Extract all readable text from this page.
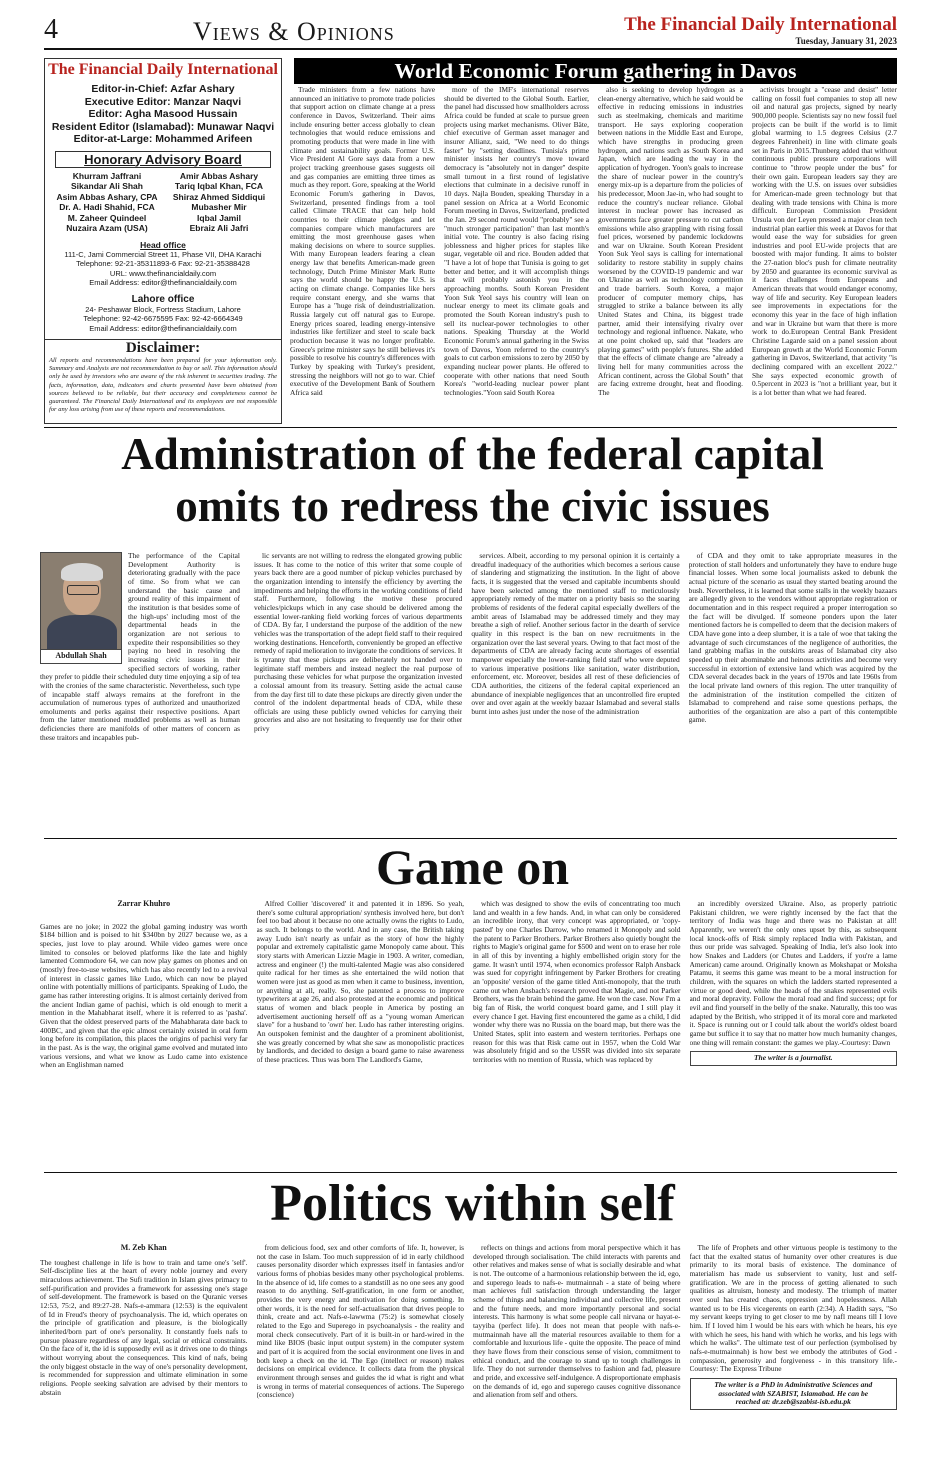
4	Views & Opinions	The Financial Daily International
Tuesday, January 31, 2023
The Financial Daily International
Editor-in-Chief: Azfar Ashary
Executive Editor: Manzar Naqvi
Editor: Agha Masood Hussain
Resident Editor (Islamabad): Munawar Naqvi
Editor-at-Large: Mohammed Arifeen
Honorary Advisory Board
Khurram Jaffrani
Sikandar Ali Shah
Asim Abbas Ashary, CPA
Dr. A. Hadi Shahid, FCA
M. Zaheer Quindeel
Nuzaira Azam (USA)
Amir Abbas Ashary
Tariq Iqbal Khan, FCA
Shiraz Ahmed Siddiqui
Mubasher Mir
Iqbal Jamil
Ebraiz Ali Jafri
Head office
111-C, Jami Commercial Street 11, Phase VII, DHA Karachi
Telephone: 92-21-35311893-6 Fax: 92-21-35388428
URL: www.thefinancialdaily.com
Email Address: editor@thefinancialdaily.com
Lahore office
24- Peshawar Block, Fortress Stadium, Lahore
Telephone: 92-42-6675595 Fax: 92-42-6664349
Email Address: editor@thefinancialdaily.com
Disclaimer:
All reports and recommendations have been prepared for your information only. Summary and Analysis are not recommendation to buy or sell. This information should only be used by investors who are aware of the risk inherent in securities trading. The facts, information, data, indicators and charts presented have been obtained from sources believed to be reliable, but their accuracy and completeness cannot be guaranteed. The Financial Daily International and its employees are not responsible for any loss arising from use of these reports and recommendations.
World Economic Forum gathering in Davos

Trade ministers from a few nations have announced an initiative to promote trade policies that support action on climate change at a press conference in Davos, Switzerland. Their aims include ensuring better access globally to clean technologies that would reduce emissions and promoting products that were made in line with climate and sustainability goals. Former U.S. Vice President Al Gore says data from a new project tracking greenhouse gases suggests oil and gas companies are emitting three times as much as they report. Gore, speaking at the World Economic Forum's gathering in Davos, Switzerland, presented findings from a tool called Climate TRACE that can help hold countries to their climate pledges and let companies compare which manufacturers are emitting the most greenhouse gases when making decisions on where to source supplies. With many European leaders fearing a clean energy law that benefits American-made green technology, Dutch Prime Minister Mark Rutte says the world should be happy the U.S. is acting on climate change. Companies like hers require constant energy, and she warns that Europe has a "huge risk of deindustrialization. Russia largely cut off natural gas to Europe. Energy prices soared, leading energy-intensive industries like fertilizer and steel to scale back production because it was no longer profitable. Greece's prime minister says he still believes it's possible to resolve his country's differences with Turkey by speaking with Turkey's president, stressing the neighbors will not go to war. Chief executive of the Development Bank of Southern Africa said

more of the IMF's international reserves should be diverted to the Global South. Earlier, the panel had discussed how smallholders across Africa could be funded at scale to pursue green projects using market mechanisms. Oliver Bäte, chief executive of German asset manager and insurer Allianz, said, "We need to do things faster" by "setting deadlines. Tunisia's prime minister insists her country's move toward democracy is "absolutely not in danger" despite small turnout in a first round of legislative elections that culminate in a decisive runoff in 10 days. Najla Bouden, speaking Thursday in a panel session on Africa at a World Economic Forum meeting in Davos, Switzerland, predicted the Jan. 29 second round would "probably" see a "much stronger participation" than last month's initial vote. The country is also facing rising joblessness and higher prices for staples like sugar, vegetable oil and rice. Bouden added that "I have a lot of hope that Tunisia is going to get better and better, and it will accomplish things that will probably astonish you in the approaching months. South Korean President Yoon Suk Yeol says his country will lean on nuclear energy to meet its climate goals and promoted the South Korean industry's push to sell its nuclear-power technologies to other nations. Speaking Thursday at the World Economic Forum's annual gathering in the Swiss town of Davos, Yoon referred to the country's goals to cut carbon emissions to zero by 2050 by expanding nuclear power plants. He offered to cooperate with other nations that need South Korea's "world-leading nuclear power plant technologies."Yoon said South Korea

also is seeking to develop hydrogen as a clean-energy alternative, which he said would be effective in reducing emissions in industries such as steelmaking, chemicals and maritime transport. He says exploring cooperation between nations in the Middle East and Europe, which have strengths in producing green hydrogen, and nations such as South Korea and Japan, which are leading the way in the application of hydrogen. Yoon's goals to increase the share of nuclear power in the country's energy mix-up is a departure from the policies of his predecessor, Moon Jae-in, who had sought to reduce the country's nuclear reliance. Global interest in nuclear power has increased as governments face greater pressure to cut carbon emissions while also grappling with rising fossil fuel prices, worsened by pandemic lockdowns and war on Ukraine. South Korean President Yoon Suk Yeol says is calling for international solidarity to restore stability in supply chains worsened by the COVID-19 pandemic and war on Ukraine as well as technology competition and trade barriers. South Korea, a major producer of computer memory chips, has struggled to strike a balance between its ally United States and China, its biggest trade partner, amid their intensifying rivalry over technology and regional influence. Nakate, who at one point choked up, said that "leaders are playing games" with people's futures. She added that the effects of climate change are "already a living hell for many communities across the African continent, across the Global South" that are facing extreme drought, heat and flooding. The

activists brought a "cease and desist" letter calling on fossil fuel companies to stop all new oil and natural gas projects, signed by nearly 900,000 people. Scientists say no new fossil fuel projects can be built if the world is to limit global warming to 1.5 degrees Celsius (2.7 degrees Fahrenheit) in line with climate goals set in Paris in 2015.Thunberg added that without continuous public pressure corporations will continue to "throw people under the bus" for their own gain. European leaders say they are working with the U.S. on issues over subsidies for American-made green technology but that dealing with trade tensions with China is more difficult. European Commission President Ursula von der Leyen pressed a major clean tech industrial plan earlier this week at Davos for that would ease the way for subsidies for green industries and pool EU-wide projects that are boosted with major funding. It aims to bolster the 27-nation bloc's push for climate neutrality by 2050 and guarantee its economic survival as it faces challenges from Europeans and American threats that would endanger economy, way of life and security. Key European leaders see improvements in expectations for the economy this year in the face of high inflation and war in Ukraine but warn that there is more work to do.European Central Bank President Christine Lagarde said on a panel session about European growth at the World Economic Forum gathering in Davos, Switzerland, that activity "is declining compared with an excellent 2022." She says expected economic growth of 0.5percent in 2023 is "not a brilliant year, but it is a lot better than what we had feared.

Administration of the federal capital
omits to redress the civic issues
Abdullah Shah
The performance of the Capital Development Authority is deteriorating gradually with the pace of time. So from what we can understand the basic cause and ground reality of this impairment of the institution is that besides some of the high-ups' including most of the departmental heads in the organization are not serious to expedite their responsibilities so they paying no heed in resolving the increasing civic issues in their specified sectors of working, rather they prefer to piddle their scheduled duty time enjoying a sip of tea with the cronies of the same characteristic. Nevertheless, such type of incapable staff always remains at the forefront in the accumulation of numerous types of authorized and unauthorized emoluments and perks against their respective positions. Apart from the latter mentioned muddled problems as well as human deficiencies there are manifolds of other matters of concern as these traitors and incapables pub-

lic servants are not willing to redress the elongated growing public issues. It has come to the notice of this writer that some couple of years back there are a good number of pickup vehicles purchased by the organization intending to intensify the efficiency by averting the impediments and helping the efforts in the working conditions of field staff. Furthermore, following the motive these procured vehicles/pickups which in any case should be delivered among the essential lower-ranking field working forces of various departments of CDA. By far, I understand the purpose of the addition of the new vehicles was the transportation of the adept field staff to their required working destinations. Henceforth, conveniently be groped an effective remedy of rapid melioration to invigorate the conditions of services. It is tyranny that these pickups are deliberately not handed over to legitimate staff members and instead neglect the real purpose of purchasing these vehicles for what purpose the organization invested a colossal amount from its treasury. Setting aside the actual cause from the day first till to date these pickups are directly given under the control of the indolent departmental heads of CDA, while these officials are using these publicly owned vehicles for carrying their groceries and also are not hesitating to frequently use for their other privy

services. Albeit, according to my personal opinion it is certainly a dreadful inadequacy of the authorities which becomes a serious cause of slandering and stigmatizing the institution. In the light of above facts, it is suggested that the versed and capitable incumbents should have been selected among the mentioned staff to meticulously appropriately remedy of the matter on a priority basis so the soaring problems of residents of the federal capital especially dwellers of the ambit areas of Islamabad may be addressed timely and they may breathe a sigh of relief. Another serious factor in the dearth of service quality in this respect is the ban on new recruitments in the organization over the last several years. Owing to that fact most of the departments of CDA are already facing acute shortages of essential manpower especially the lower-ranking field staff who were deputed to various imperative positions like sanitation, water distribution, enforcement, etc. Moreover, besides all rest of these deficiencies of CDA authorities, the citizens of the federal capital experienced an abundance of inexpiable negligences that an uncontrolled fire erupted over and over again at the weekly bazaar Islamabad and several stalls burnt into ashes just under the nose of the administration

of CDA and they omit to take appropriate measures in the protection of stall holders and unfortunately they have to endure huge financial losses. When some local journalists asked to debunk the actual picture of the scenario as usual they started beating around the bush. Nevertheless, it is learned that some stalls in the weekly bazaars are allegedly given to the vendors without appropriate registration or documentation and in this respect required a proper interrogation so the fact will be divulged. If someone ponders upon the later mentioned factors he is compelled to deem that the decision makers of CDA have gone into a deep slumber, it is a tale of woe that taking the advantage of such circumstances of the negligence of authorities, the land grabbing mafias in the outskirts areas of Islamabad city also speeded up their abominable and heinous activities and become very successful in extortion of extensive land which was acquired by the CDA several decades back in the years of 1970s and late 1960s from the local private land owners of this region. The utter tranquility of the administration of the institution compelled the citizen of Islamabad to comprehend and raise some questions perhaps, the authorities of the organization are also a part of this contemptible game.

Game on
Zarrar Khuhro

Games are no joke; in 2022 the global gaming industry was worth $184 billion and is poised to hit $340bn by 2027 because we, as a species, just love to play around. While video games were once limited to consoles or beloved platforms like the late and highly lamented Commodore 64, we can now play games on phones and on (mostly) free-to-use websites, which has also recently led to a revival of interest in classic games like Ludo, which can now be played online with potentially millions of participants. Speaking of Ludo, the game has rather interesting origins. It is almost certainly derived from the ancient Indian game of pachisi, which is old enough to merit a mention in the Mahabharat itself, where it is referred to as 'pasha'. Given that the oldest preserved parts of the Mahabharata date back to 400BC, and given that the epic almost certainly existed in oral form long before its compilation, this places the origins of pachisi very far in the past. As is the way, the original game evolved and mutated into various versions, and what we know as Ludo came into existence when an Englishman named

Alfred Collier 'discovered' it and patented it in 1896. So yeah, there's some cultural appropriation/ synthesis involved here, but don't feel too bad about it because no one actually owns the rights to Ludo, as such. It belongs to the world. And in any case, the British taking away Ludo isn't nearly as unfair as the story of how the highly popular and extremely capitalistic game Monopoly came about. This story starts with American Lizzie Magie in 1903. A writer, comedian, actress and engineer (!) the multi-talented Magie was also considered quite radical for her times as she entertained the wild notion that women were just as good as men when it came to business, invention, or anything at all, really. So, she patented a process to improve typewriters at age 26, and also protested at the economic and political status of women and black people in America by posting an advertisement auctioning herself off as a "young woman American slave" for a husband to 'own' her. Ludo has rather interesting origins. An outspoken feminist and the daughter of a prominent abolitionist, she was greatly concerned by what she saw as monopolistic practices by landlords, and decided to design a board game to raise awareness of these practices. Thus was born The Landlord's Game,

which was designed to show the evils of concentrating too much land and wealth in a few hands. And, in what can only be considered an incredible irony, that very concept was appropriated, or 'copy-pasted' by one Charles Darrow, who renamed it Monopoly and sold the patent to Parker Brothers. Parker Brothers also quietly bought the rights to Magie's original game for $500 and went on to erase her role in all of this by inventing a highly embellished origin story for the game. It wasn't until 1974, when economics professor Ralph Ansback was sued for copyright infringement by Parker Brothers for creating an 'opposite' version of the game titled Anti-monopoly, that the truth came out when Ansbach's research proved that Magie, and not Parker Brothers, was the brain behind the game. He won the case. Now I'm a big fan of Risk, the world conquest board game, and I still play it every chance I get. Having first encountered the game as a child, I did wonder why there was no Russia on the board map, but there was the United States, split into eastern and western territories. Perhaps one reason for this was that Risk came out in 1957, when the Cold War was absolutely frigid and so the USSR was divided into six separate territories with no mention of Russia, which was replaced by

an incredibly oversized Ukraine. Also, as properly patriotic Pakistani children, we were rightly incensed by the fact that the territory of India was huge and there was no Pakistan at all! Apparently, we weren't the only ones upset by this, as subsequent local knock-offs of Risk simply replaced India with Pakistan, and thus our pride was salvaged. Speaking of India, let's also look into how Snakes and Ladders (or Chutes and Ladders, if you're a lame American) came around. Originally known as Mokshapat or Moksha Patamu, it seems this game was meant to be a moral instruction for children, with the squares on which the ladders started represented a virtue or good deed, while the heads of the snakes represented evils and moral depravity. Follow the moral road and find success; opt for evil and find yourself in the belly of the snake. Naturally, this too was adapted by the British, who stripped it of its moral core and marketed it. Space is running out or I could talk about the world's oldest board game but suffice it to say that no matter how much humanity changes, one thing will remain constant: the games we play.-Courtesy: Dawn

The writer is a journalist.
Politics within self
M. Zeb Khan

The toughest challenge in life is how to train and tame one's 'self'. Self-discipline lies at the heart of every noble journey and every miraculous achievement. The Sufi tradition in Islam gives primacy to self-purification and provides a framework for assessing one's stage of self-development. The framework is based on the Quranic verses 12:53, 75:2, and 89:27-28. Nafs-e-ammara (12:53) is the equivalent of Id in Freud's theory of psychoanalysis. The id, which operates on the principle of gratification and pleasure, is the biologically inherited/born part of one's personality. It constantly fuels nafs to pursue pleasure regardless of any legal, social or ethical constraints. On the face of it, the id is supposedly evil as it drives one to do things without worrying about the consequences. This kind of nafs, being the only biggest obstacle in the way of one's personality development, is recommended for suppression and ultimate elimination in some religions. People seeking salvation are advised by their mentors to abstain

from delicious food, sex and other comforts of life. It, however, is not the case in Islam. Too much suppression of id in early childhood causes personality disorder which expresses itself in fantasies and/or various forms of phobias besides many other psychological problems. In the absence of id, life comes to a standstill as no one sees any good reason to do anything. Self-gratification, in one form or another, provides the very energy and motivation for doing something. In other words, it is the need for self-actualisation that drives people to think, create and act. Nafs-e-lawwma (75:2) is somewhat closely related to the Ego and Superego in psychoanalysis - the reality and moral check consecutively. Part of it is built-in or hard-wired in the mind like BIOS (basic input output system) in the computer system and part of it is acquired from the social environment one lives in and both keep a check on the id. The Ego (intellect or reason) makes decisions on empirical evidence. It collects data from the physical environment through senses and guides the id what is right and what is wrong in terms of material consequences of actions. The Superego (conscience)

reflects on things and actions from moral perspective which it has developed through socialisation. The child interacts with parents and other relatives and makes sense of what is socially desirable and what is not. The outcome of a harmonious relationship between the id, ego, and superego leads to nafs-e- mutmainnah - a state of being where man achieves full satisfaction through understanding the larger scheme of things and balancing individual and collective life, present and the future needs, and more importantly personal and social interests. This harmony is what some people call nirvana or hayat-e-tayyiba (perfect life). It does not mean that people with nafs-e- mutmainnah have all the material resources available to them for a comfortable and luxurious life - quite the opposite. The peace of mind they have flows from their conscious sense of vision, commitment to ethical conduct, and the courage to stand up to tough challenges in life. They do not surrender themselves to fashion and fad, pleasure and pride, and excessive self-indulgence. A disproportionate emphasis on the demands of id, ego and superego causes cognitive dissonance and alienation from self and others.

The life of Prophets and other virtuous people is testimony to the fact that the exalted status of humanity over other creatures is due primarily to its moral basis of existence. The dominance of materialism has made us subservient to vanity, lust and self-gratification. We are in the process of getting alienated to such qualities as altruism, honesty and modesty. The triumph of matter over soul has created chaos, oppression and hopelessness. Allah wanted us to be His vicegerents on earth (2:34). A Hadith says, "So my servant keeps trying to get closer to me by nafl means till I love him. If I loved him I would be his ears with which he hears, his eye with which he sees, his hand with which he works, and his legs with which he walks". The ultimate test of our perfection (symbolised by nafs-e-mutmainnah) is how best we embody the attributes of God - compassion, generosity and forgiveness - in this transitory life.- Courtesy: The Express Tribune

The writer is a PhD in Administrative Sciences and
associated with SZABIST, Islamabad. He can be
reached at: dr.zeb@szabist-isb.edu.pk
